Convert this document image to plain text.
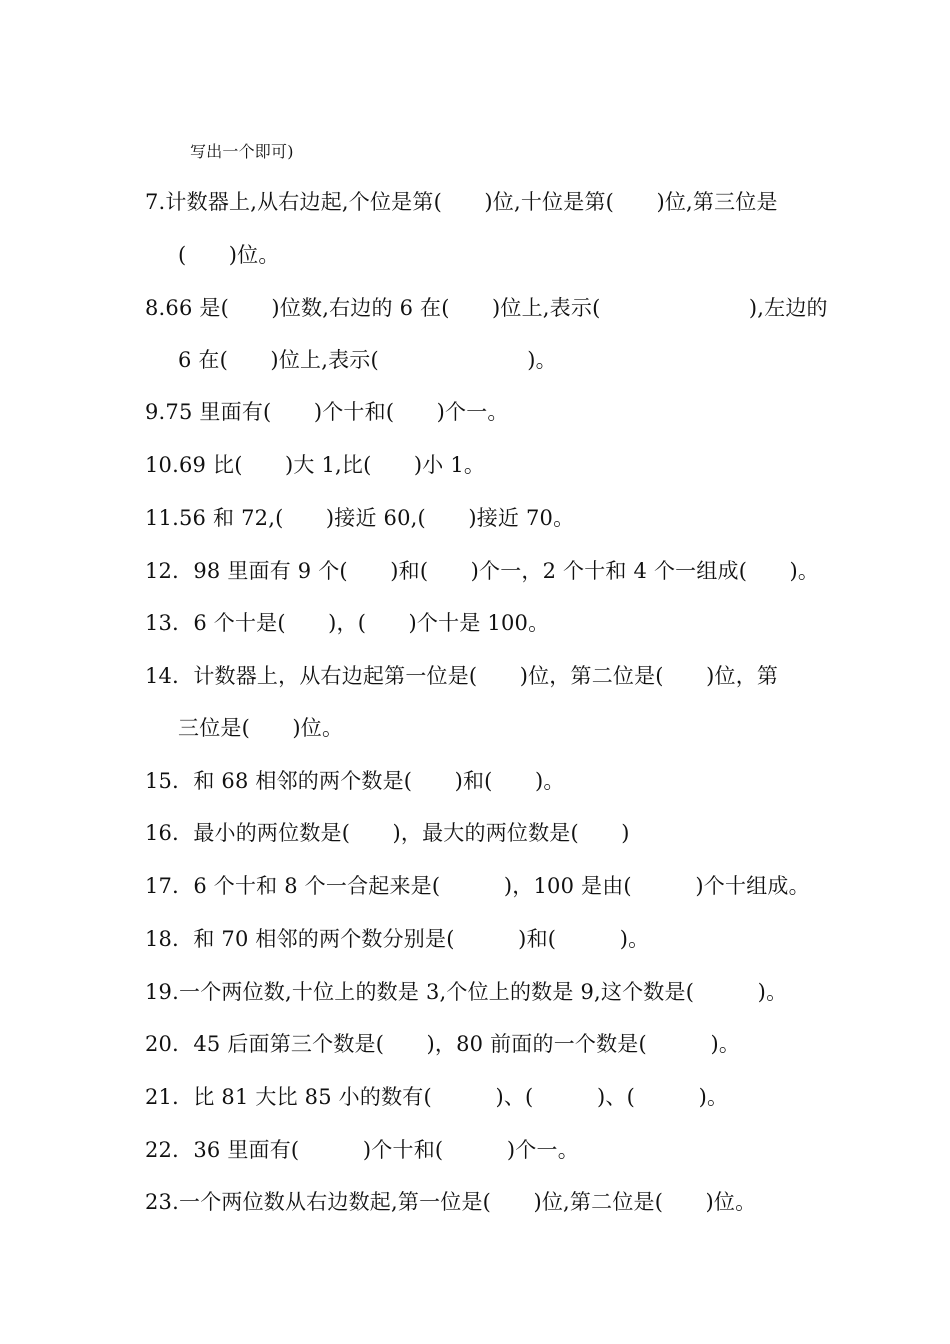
写出一个即可)
7.计数器上,从右边起,个位是第(　　)位,十位是第(　　)位,第三位是
(　　)位。
8.66 是(　　)位数,右边的 6 在(　　)位上,表示(　　　　　　　),左边的
6 在(　　)位上,表示(　　　　　　　)。
9.75 里面有(　　)个十和(　　)个一。
10.69 比(　　)大 1,比(　　)小 1。
11.56 和 72,(　　)接近 60,(　　)接近 70。
12．98 里面有 9 个(　　)和(　　)个一，2 个十和 4 个一组成(　　)。
13．6 个十是(　　)，(　　)个十是 100。
14．计数器上，从右边起第一位是(　　)位，第二位是(　　)位，第
三位是(　　)位。
15．和 68 相邻的两个数是(　　)和(　　)。
16．最小的两位数是(　　)，最大的两位数是(　　)
17．6 个十和 8 个一合起来是(　　　)，100 是由(　　　)个十组成。
18．和 70 相邻的两个数分别是(　　　)和(　　　)。
19.一个两位数,十位上的数是 3,个位上的数是 9,这个数是(　　　)。
20．45 后面第三个数是(　　)，80 前面的一个数是(　　　)。
21．比 81 大比 85 小的数有(　　　)、(　　　)、(　　　)。
22．36 里面有(　　　)个十和(　　　)个一。
23.一个两位数从右边数起,第一位是(　　)位,第二位是(　　)位。
